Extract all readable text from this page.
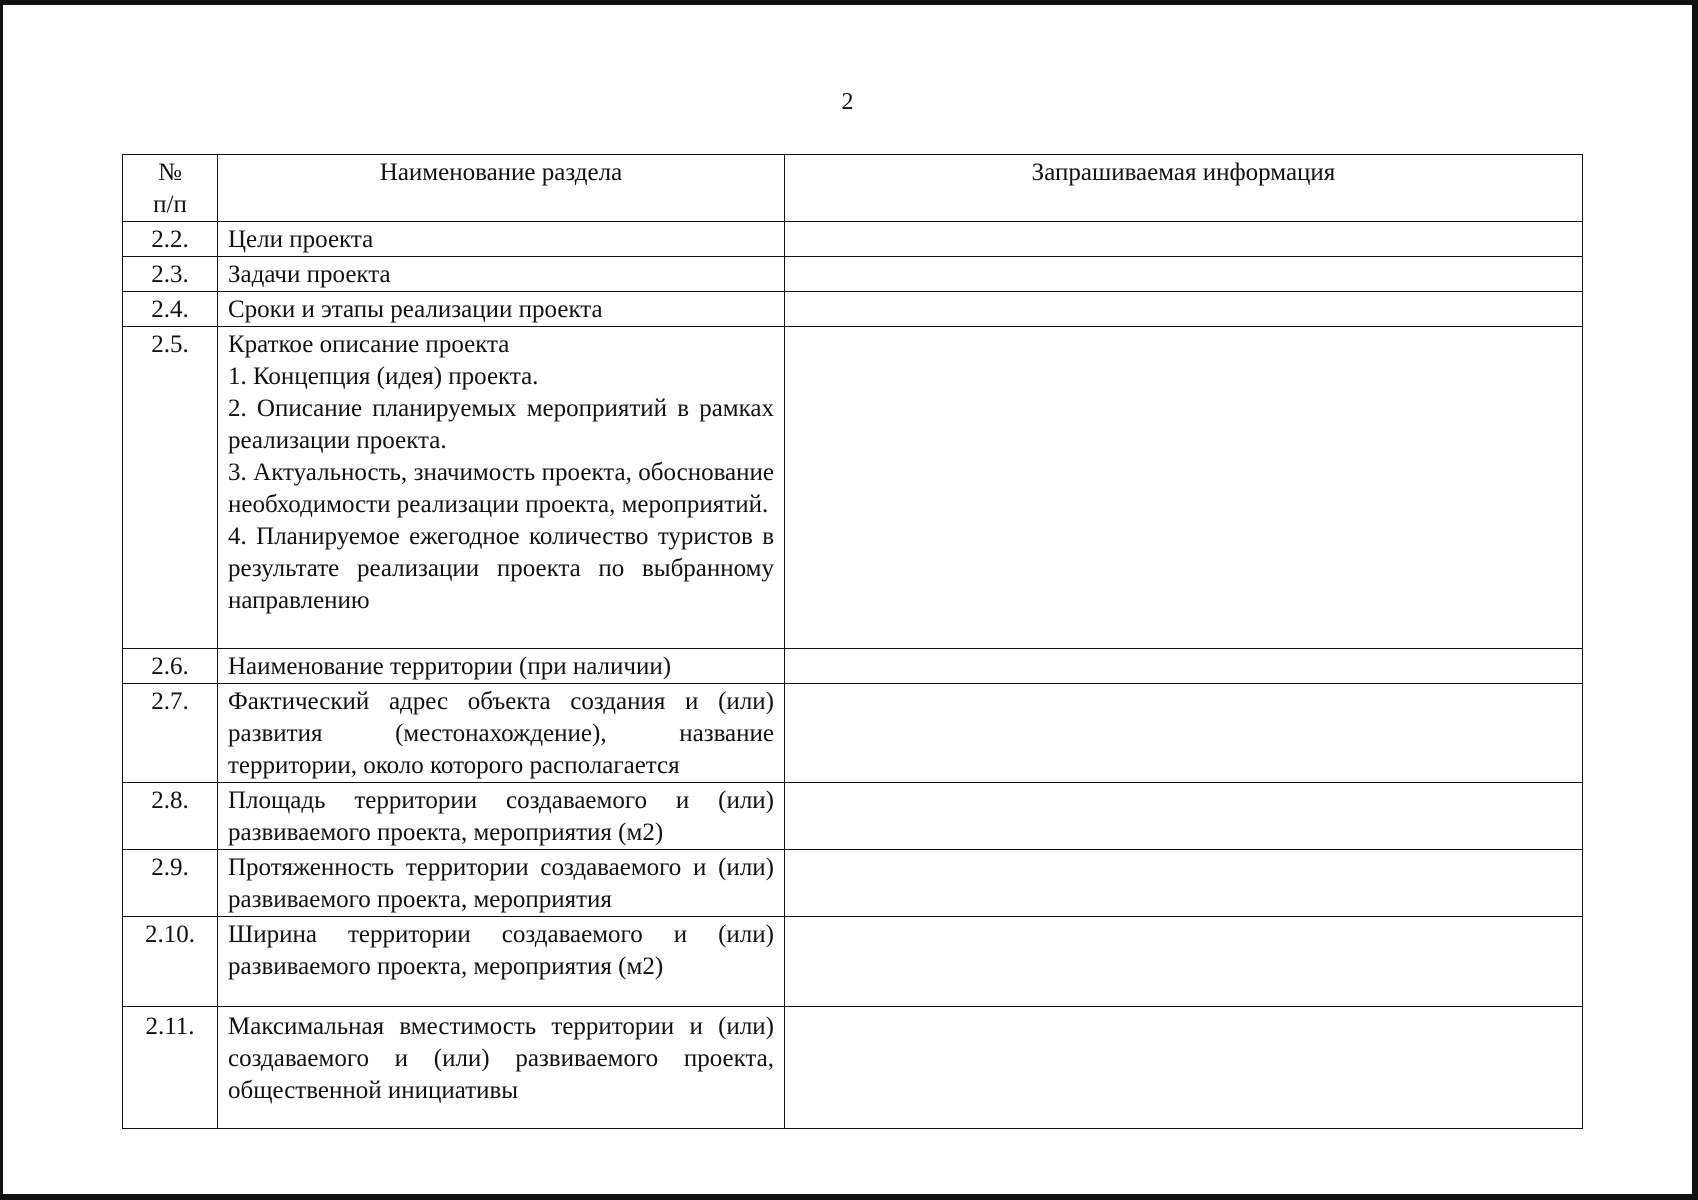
2
№ п/п	Наименование раздела	Запрашиваемая информация
2.2.	Цели проекта	
2.3.	Задачи проекта	
2.4.	Сроки и этапы реализации проекта	
2.5.	Краткое описание проекта
1. Концепция (идея) проекта.
2. Описание планируемых мероприятий в рамках реализации проекта.
3. Актуальность, значимость проекта, обоснование необходимости реализации проекта, мероприятий.
4. Планируемое ежегодное количество туристов в результате реализации проекта по выбранному направлению	

2.6.	Наименование территории (при наличии)	
2.7.	Фактический адрес объекта создания и (или) развития (местонахождение), название территории, около которого располагается	
2.8.	Площадь территории создаваемого и (или) развиваемого проекта, мероприятия (м2)	
2.9.	Протяженность территории создаваемого и (или) развиваемого проекта, мероприятия	
2.10.	Ширина территории создаваемого и (или) развиваемого проекта, мероприятия (м2)	
2.11.	Максимальная вместимость территории и (или) создаваемого и (или) развиваемого проекта, общественной инициативы	
